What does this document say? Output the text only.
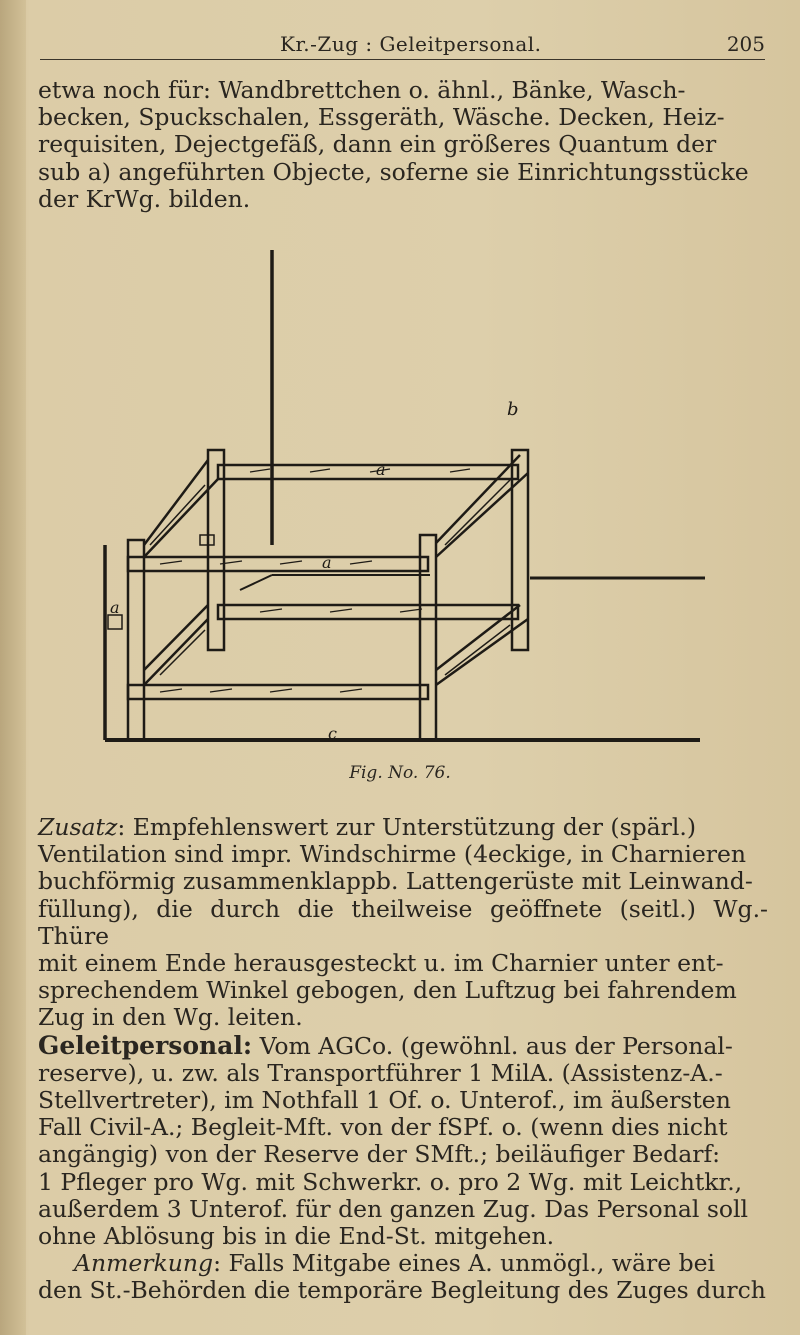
Kr.-Zug : Geleitpersonal.	205

etwa noch für: Wandbrettchen o. ähnl., Bänke, Wasch-

becken, Spuckschalen, Essgeräth, Wäsche. Decken, Heiz-

requisiten, Dejectgefäß, dann ein größeres Quantum der

sub a) angeführten Objecte, soferne sie Einrichtungsstücke

der KrWg. bilden.

a
a
a
b
c
Fig. No. 76.

Zusatz: Empfehlenswert zur Unterstützung der (spärl.)

Ventilation sind impr. Windschirme (4eckige, in Charnieren

buchförmig zusammenklappb. Lattengerüste mit Leinwand-

füllung), die durch die theilweise geöffnete (seitl.) Wg.-Thüre

mit einem Ende herausgesteckt u. im Charnier unter ent-

sprechendem Winkel gebogen, den Luftzug bei fahrendem

Zug in den Wg. leiten.

Geleitpersonal: Vom AGCo. (gewöhnl. aus der Personal-

reserve), u. zw. als Transportführer 1 MilA. (Assistenz-A.-

Stellvertreter), im Nothfall 1 Of. o. Unterof., im äußersten

Fall Civil-A.; Begleit-Mft. von der fSPf. o. (wenn dies nicht

angängig) von der Reserve der SMft.; beiläufiger Bedarf:

1 Pfleger pro Wg. mit Schwerkr. o. pro 2 Wg. mit Leichtkr.,

außerdem 3 Unterof. für den ganzen Zug. Das Personal soll

ohne Ablösung bis in die End-St. mitgehen.

Anmerkung: Falls Mitgabe eines A. unmögl., wäre bei

den St.-Behörden die temporäre Begleitung des Zuges durch
